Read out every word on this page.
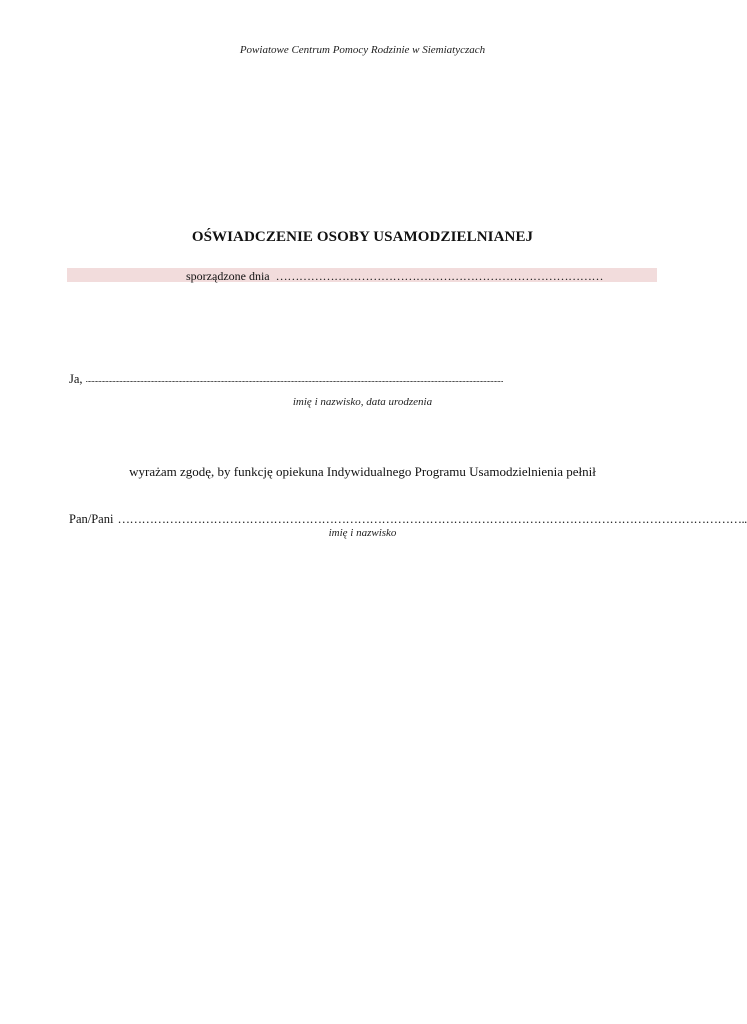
Powiatowe Centrum Pomocy Rodzinie w Siemiatyczach
OŚWIADCZENIE OSOBY USAMODZIELNIANEJ
sporządzone dnia …………………………………………………………………………
Ja, ..........................................................................................................................................................................................................................................................................................................
imię i nazwisko, data urodzenia
wyrażam zgodę, by funkcję opiekuna Indywidualnego Programu Usamodzielnienia pełnił
Pan/Pani …………………………………………………………………………………………………………………………………………..
imię i nazwisko
